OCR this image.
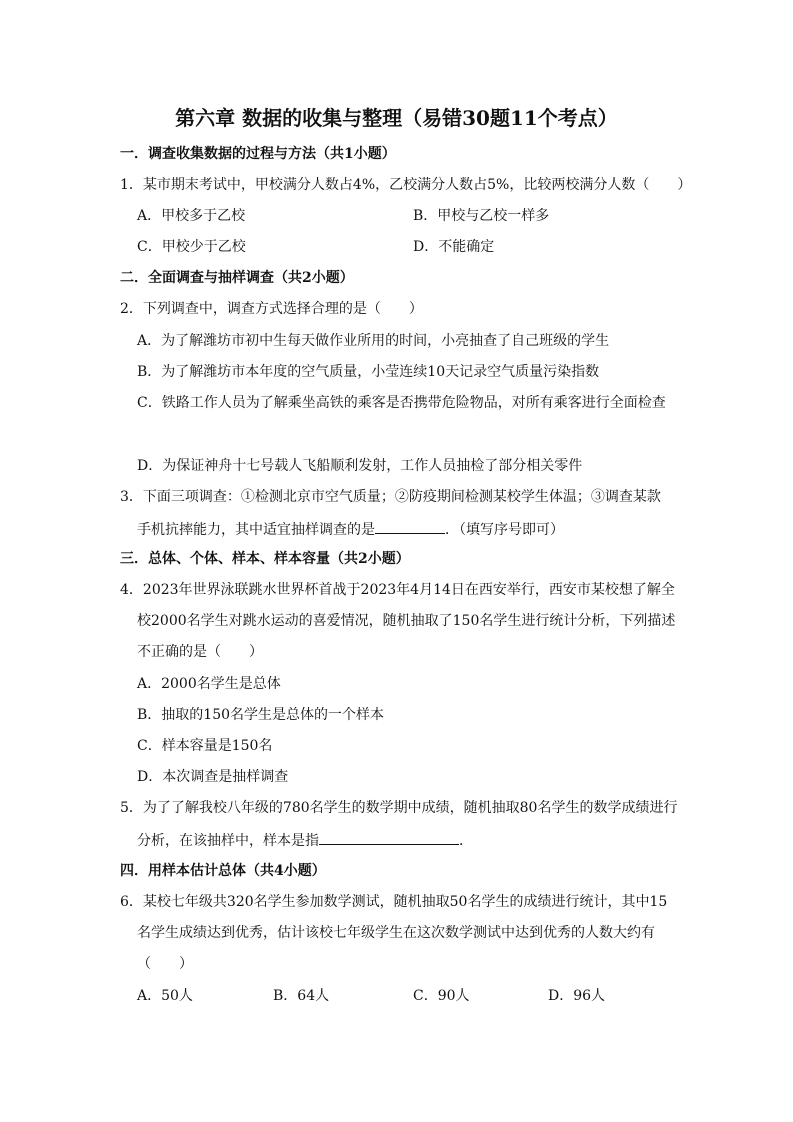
第六章 数据的收集与整理（易错30题11个考点）
一．调查收集数据的过程与方法（共1小题）
1．某市期末考试中，甲校满分人数占4%，乙校满分人数占5%，比较两校满分人数（　　）
A．甲校多于乙校	B．甲校与乙校一样多
C．甲校少于乙校	D．不能确定
二．全面调查与抽样调查（共2小题）
2．下列调查中，调查方式选择合理的是（　　）
A．为了解潍坊市初中生每天做作业所用的时间，小亮抽查了自己班级的学生
B．为了解潍坊市本年度的空气质量，小莹连续10天记录空气质量污染指数
C．铁路工作人员为了解乘坐高铁的乘客是否携带危险物品，对所有乘客进行全面检查
D．为保证神舟十七号载人飞船顺利发射，工作人员抽检了部分相关零件
3．下面三项调查：①检测北京市空气质量；②防疫期间检测某校学生体温；③调查某款
手机抗摔能力，其中适宜抽样调查的是	．（填写序号即可）
三．总体、个体、样本、样本容量（共2小题）
4．2023年世界泳联跳水世界杯首战于2023年4月14日在西安举行，西安市某校想了解全
校2000名学生对跳水运动的喜爱情况，随机抽取了150名学生进行统计分析，下列描述
不正确的是（　　）
A．2000名学生是总体
B．抽取的150名学生是总体的一个样本
C．样本容量是150名
D．本次调查是抽样调查
5．为了了解我校八年级的780名学生的数学期中成绩，随机抽取80名学生的数学成绩进行
分析，在该抽样中，样本是指	．
四．用样本估计总体（共4小题）
6．某校七年级共320名学生参加数学测试，随机抽取50名学生的成绩进行统计，其中15
名学生成绩达到优秀，估计该校七年级学生在这次数学测试中达到优秀的人数大约有
（　　）
A．50人	B．64人	C．90人	D．96人
